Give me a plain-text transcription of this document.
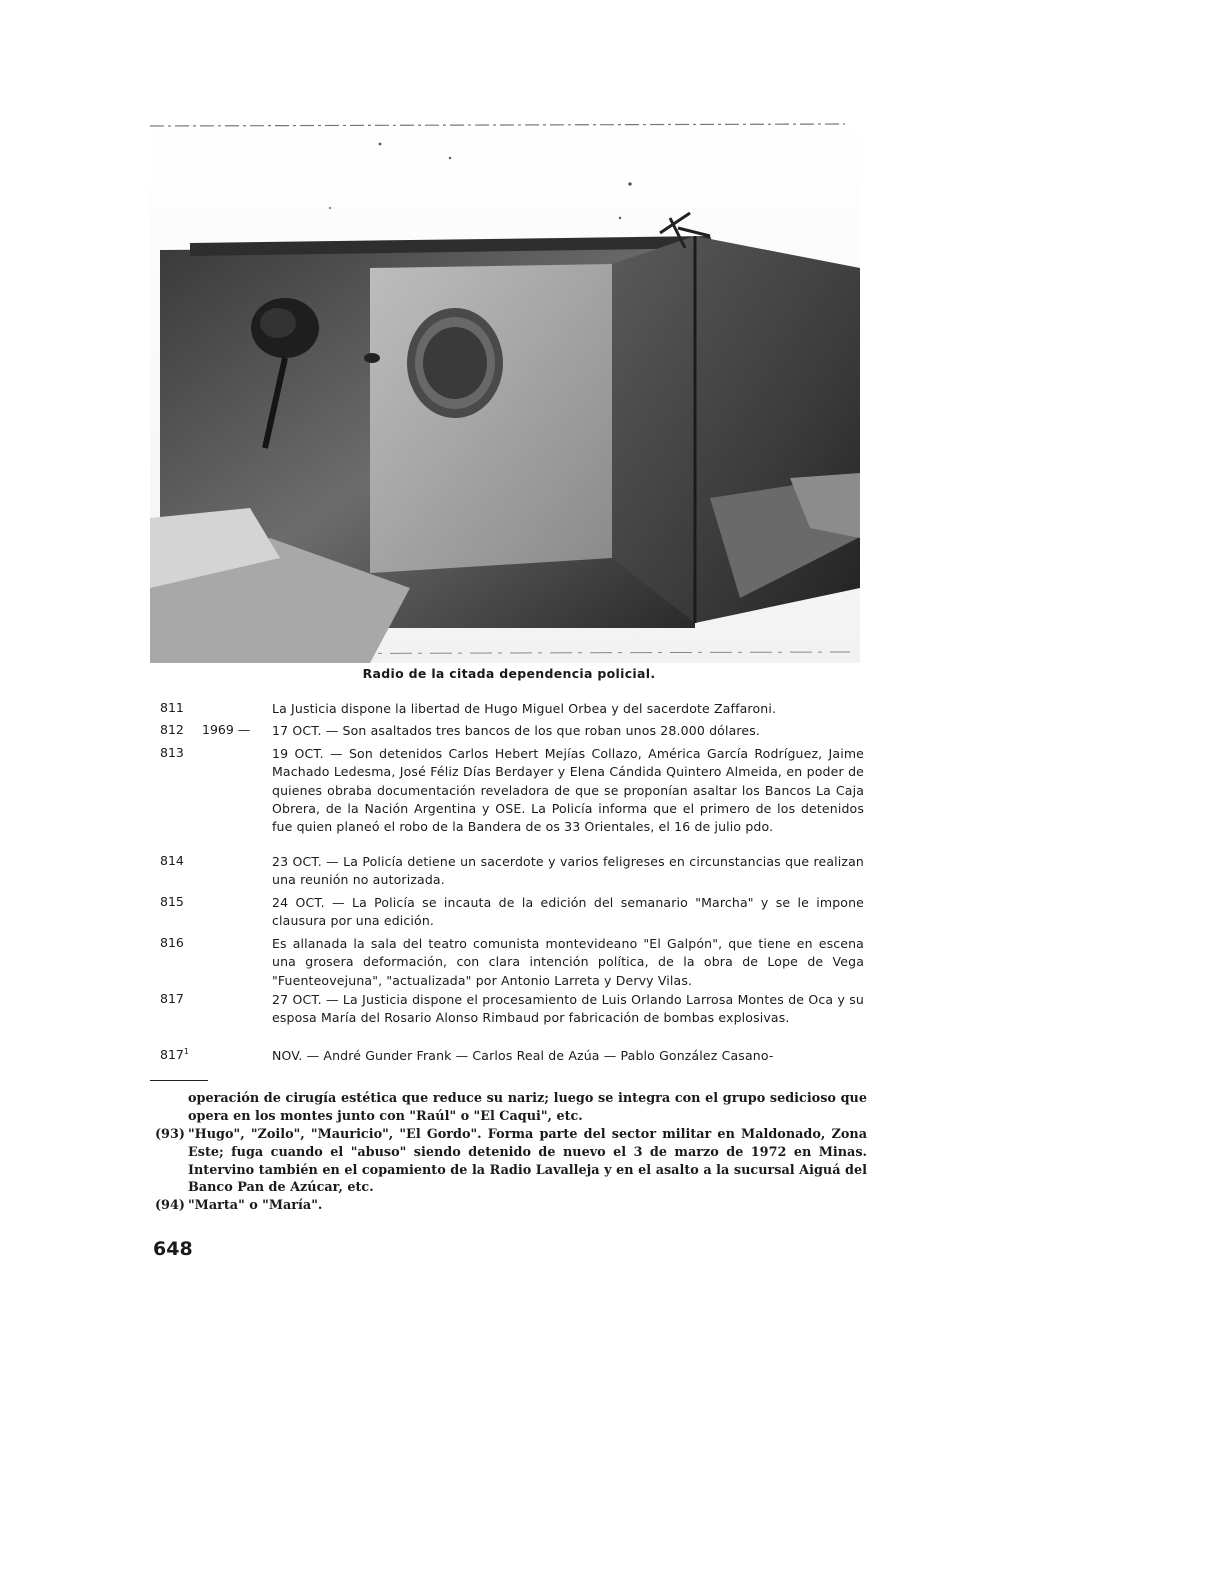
Radio de la citada dependencia policial.
811	La Justicia dispone la libertad de Hugo Miguel Orbea y del sacerdote Zaffaroni.
812 1969 — 17 OCT. — Son asaltados tres bancos de los que roban unos 28.000 dólares.
813	19 OCT. — Son detenidos Carlos Hebert Mejías Collazo, América García Rodríguez, Jaime Machado Ledesma, José Féliz Días Berdayer y Elena Cándida Quintero Almeida, en poder de quienes obraba documentación reveladora de que se proponían asaltar los Bancos La Caja Obrera, de la Nación Argentina y OSE. La Policía informa que el primero de los detenidos fue quien planeó el robo de la Bandera de os 33 Orientales, el 16 de julio pdo.
814	23 OCT. — La Policía detiene un sacerdote y varios feligreses en circunstancias que realizan una reunión no autorizada.
815	24 OCT. — La Policía se incauta de la edición del semanario "Marcha" y se le impone clausura por una edición.
816	Es allanada la sala del teatro comunista montevideano "El Galpón", que tiene en escena una grosera deformación, con clara intención política, de la obra de Lope de Vega "Fuenteovejuna", "actualizada" por Antonio Larreta y Dervy Vilas.
817	27 OCT. — La Justicia dispone el procesamiento de Luis Orlando Larrosa Montes de Oca y su esposa María del Rosario Alonso Rimbaud por fabricación de bombas explosivas.
$817^1$	NOV. — André Gunder Frank — Carlos Real de Azúa — Pablo González Casano-
operación de cirugía estética que reduce su nariz; luego se integra con el grupo sedicioso que opera en los montes junto con "Raúl" o "El Caqui", etc.
(93) "Hugo", "Zoilo", "Mauricio", "El Gordo". Forma parte del sector militar en Maldonado, Zona Este; fuga cuando el "abuso" siendo detenido de nuevo el 3 de marzo de 1972 en Minas. Intervino también en el copamiento de la Radio Lavalleja y en el asalto a la sucursal Aiguá del Banco Pan de Azúcar, etc.
(94) "Marta" o "María".
648
